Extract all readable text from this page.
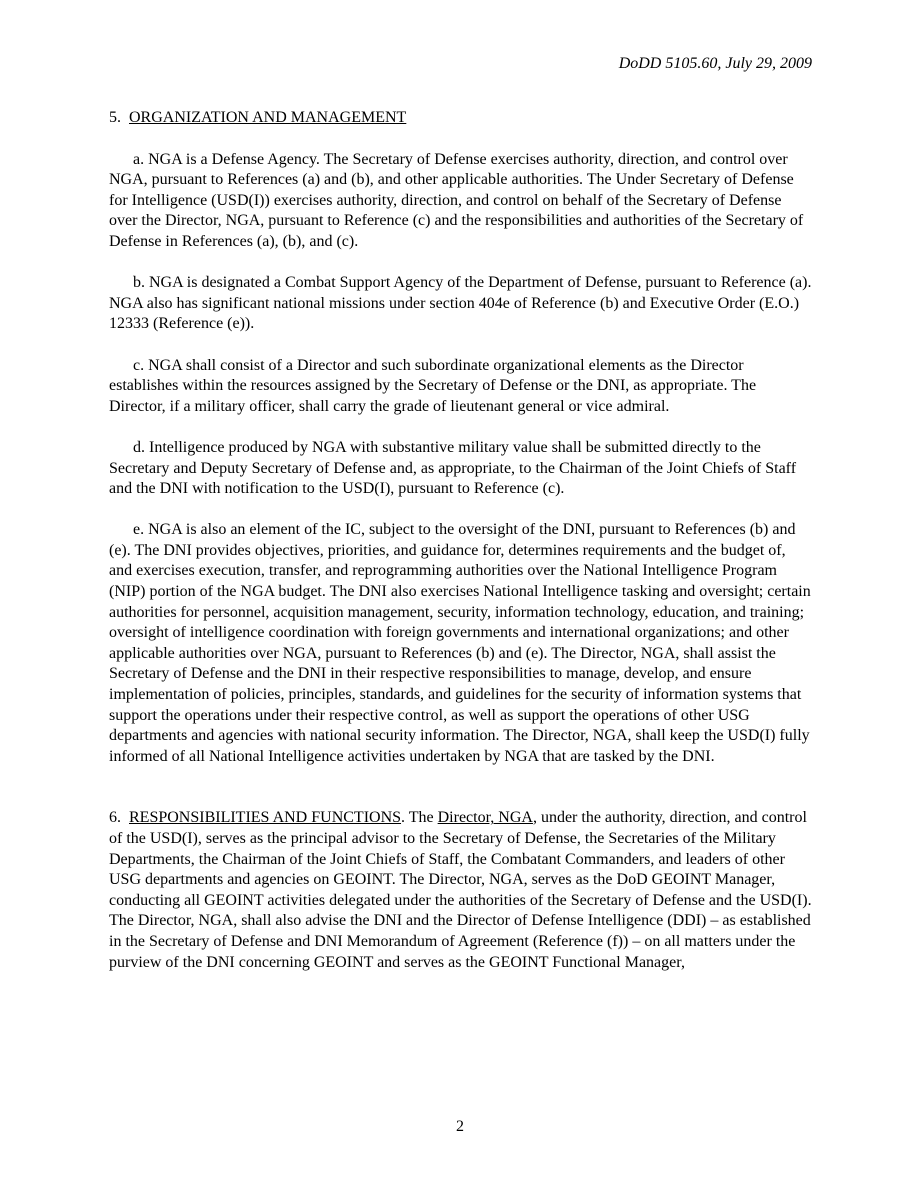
DoDD 5105.60, July 29, 2009

5. ORGANIZATION AND MANAGEMENT

a. NGA is a Defense Agency. The Secretary of Defense exercises authority, direction, and control over NGA, pursuant to References (a) and (b), and other applicable authorities. The Under Secretary of Defense for Intelligence (USD(I)) exercises authority, direction, and control on behalf of the Secretary of Defense over the Director, NGA, pursuant to Reference (c) and the responsibilities and authorities of the Secretary of Defense in References (a), (b), and (c).

b. NGA is designated a Combat Support Agency of the Department of Defense, pursuant to Reference (a). NGA also has significant national missions under section 404e of Reference (b) and Executive Order (E.O.) 12333 (Reference (e)).

c. NGA shall consist of a Director and such subordinate organizational elements as the Director establishes within the resources assigned by the Secretary of Defense or the DNI, as appropriate. The Director, if a military officer, shall carry the grade of lieutenant general or vice admiral.

d. Intelligence produced by NGA with substantive military value shall be submitted directly to the Secretary and Deputy Secretary of Defense and, as appropriate, to the Chairman of the Joint Chiefs of Staff and the DNI with notification to the USD(I), pursuant to Reference (c).

e. NGA is also an element of the IC, subject to the oversight of the DNI, pursuant to References (b) and (e). The DNI provides objectives, priorities, and guidance for, determines requirements and the budget of, and exercises execution, transfer, and reprogramming authorities over the National Intelligence Program (NIP) portion of the NGA budget. The DNI also exercises National Intelligence tasking and oversight; certain authorities for personnel, acquisition management, security, information technology, education, and training; oversight of intelligence coordination with foreign governments and international organizations; and other applicable authorities over NGA, pursuant to References (b) and (e). The Director, NGA, shall assist the Secretary of Defense and the DNI in their respective responsibilities to manage, develop, and ensure implementation of policies, principles, standards, and guidelines for the security of information systems that support the operations under their respective control, as well as support the operations of other USG departments and agencies with national security information. The Director, NGA, shall keep the USD(I) fully informed of all National Intelligence activities undertaken by NGA that are tasked by the DNI.

6. RESPONSIBILITIES AND FUNCTIONS. The Director, NGA, under the authority, direction, and control of the USD(I), serves as the principal advisor to the Secretary of Defense, the Secretaries of the Military Departments, the Chairman of the Joint Chiefs of Staff, the Combatant Commanders, and leaders of other USG departments and agencies on GEOINT. The Director, NGA, serves as the DoD GEOINT Manager, conducting all GEOINT activities delegated under the authorities of the Secretary of Defense and the USD(I). The Director, NGA, shall also advise the DNI and the Director of Defense Intelligence (DDI) – as established in the Secretary of Defense and DNI Memorandum of Agreement (Reference (f)) – on all matters under the purview of the DNI concerning GEOINT and serves as the GEOINT Functional Manager,

2
